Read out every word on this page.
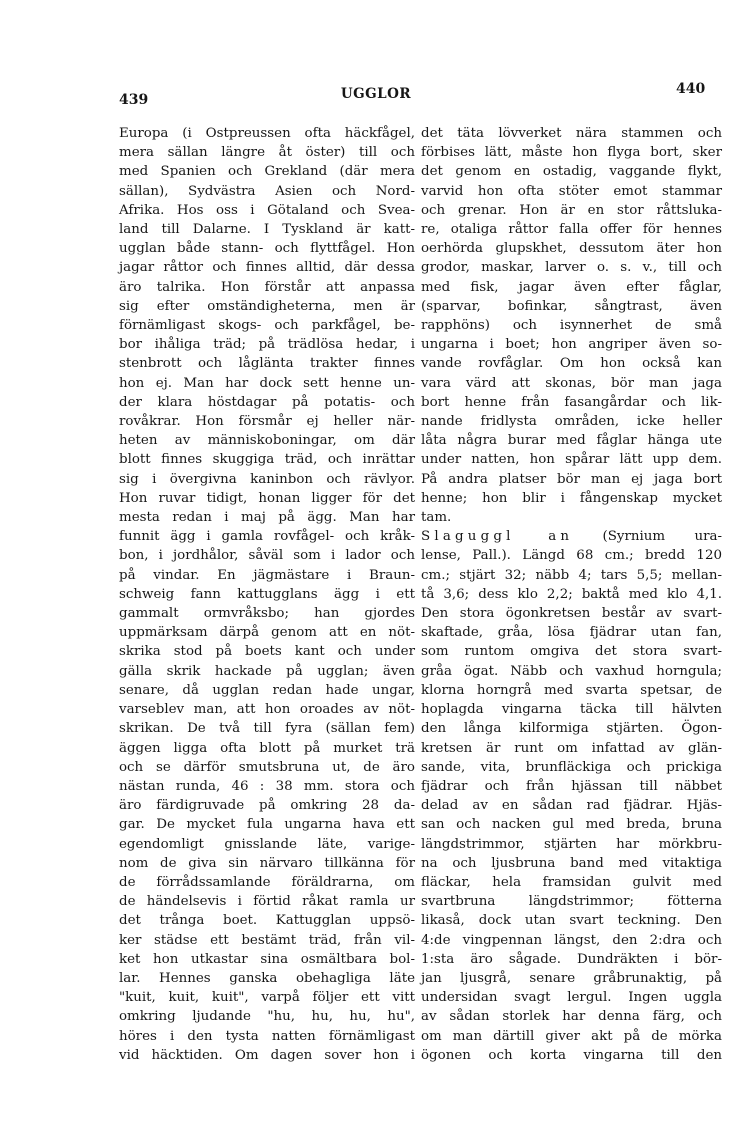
439	UGGLOR	440
Europa (i Ostpreussen ofta häckfågel,
mera sällan längre åt öster) till och
med Spanien och Grekland (där mera
sällan), Sydvästra Asien och Nord-
Afrika. Hos oss i Götaland och Svea-
land till Dalarne. I Tyskland är katt-
ugglan både stann- och flyttfågel. Hon
jagar råttor och finnes alltid, där dessa
äro talrika. Hon förstår att anpassa
sig efter omständigheterna, men är
förnämligast skogs- och parkfågel, be-
bor ihåliga träd; på trädlösa hedar, i
stenbrott och låglänta trakter finnes
hon ej. Man har dock sett henne un-
der klara höstdagar på potatis- och
rovåkrar. Hon försmår ej heller när-
heten av människoboningar, om där
blott finnes skuggiga träd, och inrättar
sig i övergivna kaninbon och rävlyor.
Hon ruvar tidigt, honan ligger för det
mesta redan i maj på ägg. Man har
funnit ägg i gamla rovfågel- och kråk-
bon, i jordhålor, såväl som i lador och
på vindar. En jägmästare i Braun-
schweig fann kattugglans ägg i ett
gammalt ormvråksbo; han gjordes
uppmärksam därpå genom att en nöt-
skrika stod på boets kant och under
gälla skrik hackade på ugglan; även
senare, då ugglan redan hade ungar,
varseblev man, att hon oroades av nöt-
skrikan. De två till fyra (sällan fem)
äggen ligga ofta blott på murket trä
och se därför smutsbruna ut, de äro
nästan runda, 46 : 38 mm. stora och
äro färdigruvade på omkring 28 da-
gar. De mycket fula ungarna hava ett
egendomligt gnisslande läte, varige-
nom de giva sin närvaro tillkänna för
de förrådssamlande föräldrarna, om
de händelsevis i förtid råkat ramla ur
det trånga boet. Kattugglan uppsö-
ker städse ett bestämt träd, från vil-
ket hon utkastar sina osmältbara bol-
lar. Hennes ganska obehagliga läte
"kuit, kuit, kuit", varpå följer ett vitt
omkring ljudande "hu, hu, hu, hu",
höres i den tysta natten förnämligast
vid häcktiden. Om dagen sover hon i
det täta lövverket nära stammen och
förbises lätt, måste hon flyga bort, sker
det genom en ostadig, vaggande flykt,
varvid hon ofta stöter emot stammar
och grenar. Hon är en stor råttsluka-
re, otaliga råttor falla offer för hennes
oerhörda glupskhet, dessutom äter hon
grodor, maskar, larver o. s. v., till och
med fisk, jagar även efter fåglar,
(sparvar, bofinkar, sångtrast, även
rapphöns) och isynnerhet de små
ungarna i boet; hon angriper även so-
vande rovfåglar. Om hon också kan
vara värd att skonas, bör man jaga
bort henne från fasangårdar och lik-
nande fridlysta områden, icke heller
låta några burar med fåglar hänga ute
under natten, hon spårar lätt upp dem.
På andra platser bör man ej jaga bort
henne; hon blir i fångenskap mycket
tam.
Slaguggl an (Syrnium ura-
lense, Pall.). Längd 68 cm.; bredd 120
cm.; stjärt 32; näbb 4; tars 5,5; mellan-
tå 3,6; dess klo 2,2; baktå med klo 4,1.
Den stora ögonkretsen består av svart-
skaftade, gråa, lösa fjädrar utan fan,
som runtom omgiva det stora svart-
gråa ögat. Näbb och vaxhud horngula;
klorna horngrå med svarta spetsar, de
hoplagda vingarna täcka till hälvten
den långa kilformiga stjärten. Ögon-
kretsen är runt om infattad av glän-
sande, vita, brunfläckiga och prickiga
fjädrar och från hjässan till näbbet
delad av en sådan rad fjädrar. Hjäs-
san och nacken gul med breda, bruna
längdstrimmor, stjärten har mörkbru-
na och ljusbruna band med vitaktiga
fläckar, hela framsidan gulvit med
svartbruna längdstrimmor; fötterna
likaså, dock utan svart teckning. Den
4:de vingpennan längst, den 2:dra och
1:sta äro sågade. Dundräkten i bör-
jan ljusgrå, senare gråbrunaktig, på
undersidan svagt lergul. Ingen uggla
av sådan storlek har denna färg, och
om man därtill giver akt på de mörka
ögonen och korta vingarna till den
